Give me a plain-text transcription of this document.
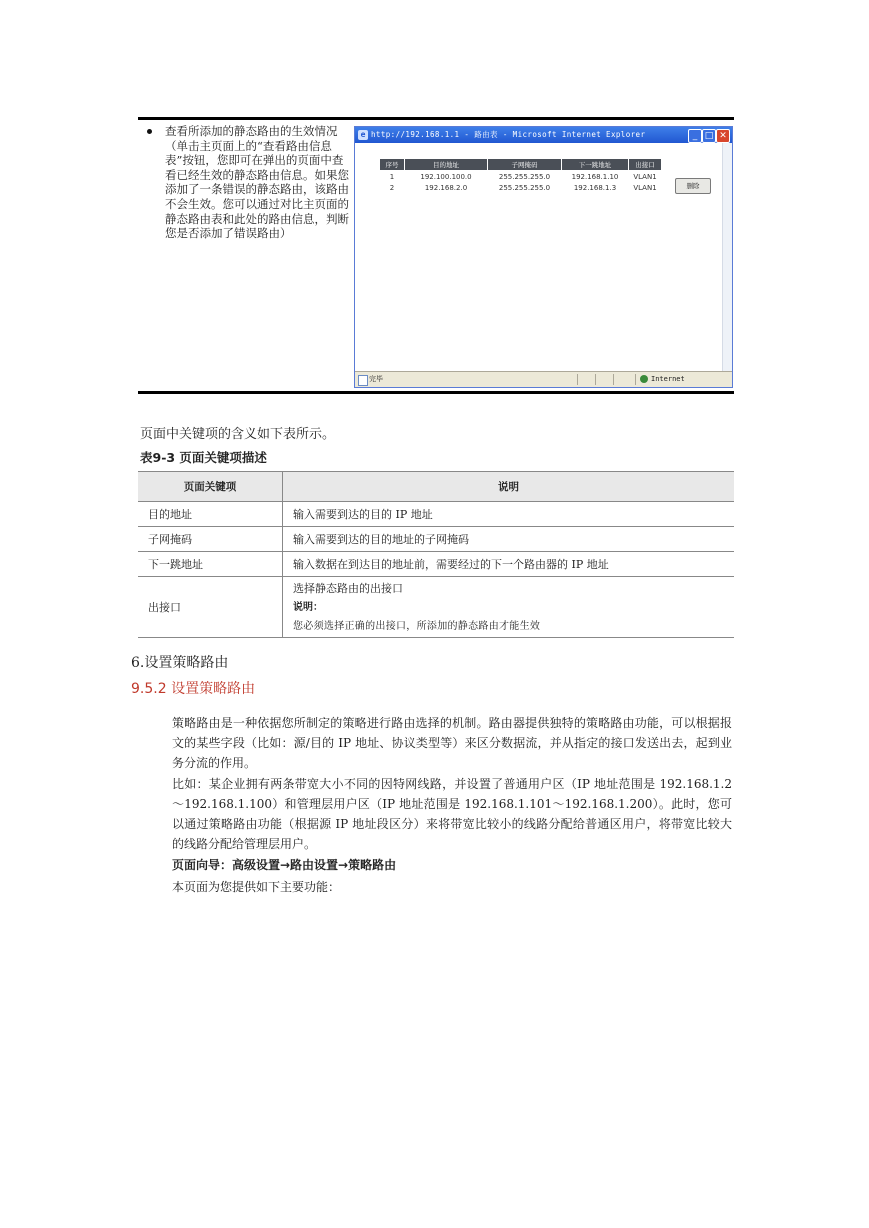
查看所添加的静态路由的生效情况（单击主页面上的“查看路由信息表”按钮，您即可在弹出的页面中查看已经生效的静态路由信息。如果您添加了一条错误的静态路由，该路由不会生效。您可以通过对比主页面的静态路由表和此处的路由信息，判断您是否添加了错误路由）
e http://192.168.1.1 - 路由表 - Microsoft Internet Explorer	_ □ ✕
序号	目的地址	子网掩码	下一跳地址	出接口
1	192.100.100.0	255.255.255.0	192.168.1.10	VLAN1
2	192.168.2.0	255.255.255.0	192.168.1.3	VLAN1	删除
完毕	Internet
页面中关键项的含义如下表所示。
表9-3 页面关键项描述
页面关键项	说明
目的地址	输入需要到达的目的 IP 地址
子网掩码	输入需要到达的目的地址的子网掩码
下一跳地址	输入数据在到达目的地址前，需要经过的下一个路由器的 IP 地址
出接口	选择静态路由的出接口
说明：
您必须选择正确的出接口，所添加的静态路由才能生效
6.设置策略路由
9.5.2 设置策略路由
策略路由是一种依据您所制定的策略进行路由选择的机制。路由器提供独特的策略路由功能，可以根据报文的某些字段（比如：源/目的 IP 地址、协议类型等）来区分数据流，并从指定的接口发送出去，起到业务分流的作用。
比如：某企业拥有两条带宽大小不同的因特网线路，并设置了普通用户区（IP 地址范围是 192.168.1.2～192.168.1.100）和管理层用户区（IP 地址范围是 192.168.1.101～192.168.1.200）。此时，您可以通过策略路由功能（根据源 IP 地址段区分）来将带宽比较小的线路分配给普通区用户，将带宽比较大的线路分配给管理层用户。
页面向导：高级设置→路由设置→策略路由
本页面为您提供如下主要功能：
